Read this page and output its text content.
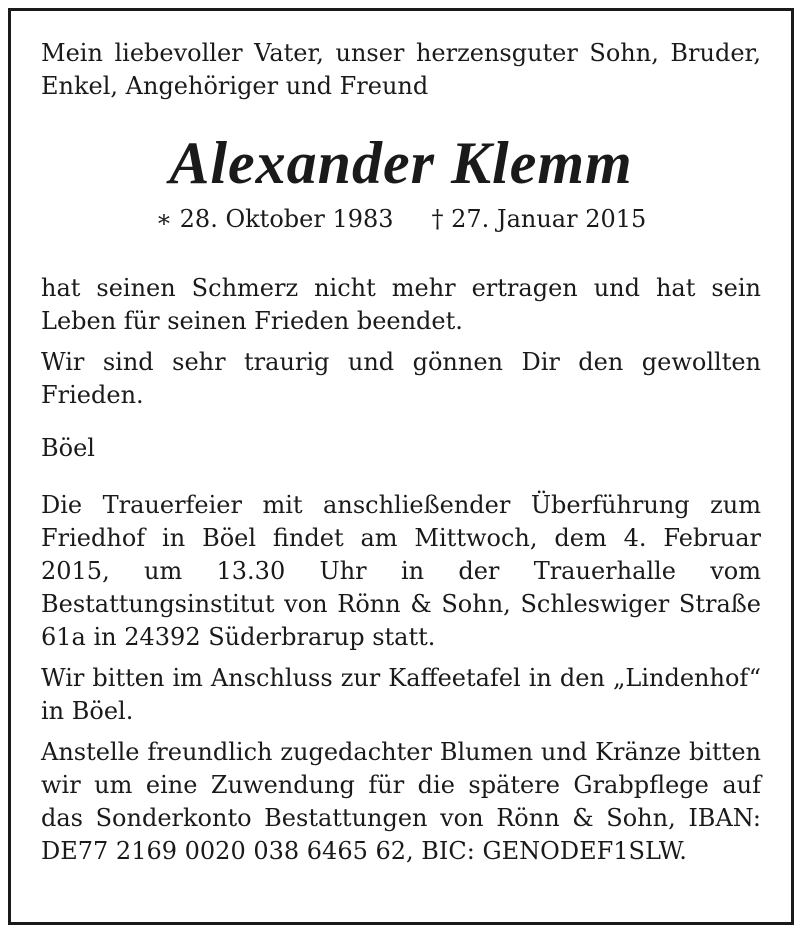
Mein liebevoller Vater, unser herzensguter Sohn, Bruder, Enkel, Angehöriger und Freund

Alexander Klemm
∗ 28. Oktober 1983 † 27. Januar 2015

hat seinen Schmerz nicht mehr ertragen und hat sein Leben für seinen Frieden beendet.

Wir sind sehr traurig und gönnen Dir den gewollten Frieden.

Böel

Die Trauerfeier mit anschließender Überführung zum Friedhof in Böel findet am Mittwoch, dem 4. Februar 2015, um 13.30 Uhr in der Trauerhalle vom Bestattungsinstitut von Rönn & Sohn, Schleswiger Straße 61a in 24392 Süderbrarup statt.

Wir bitten im Anschluss zur Kaffeetafel in den „Lindenhof“ in Böel.

Anstelle freundlich zugedachter Blumen und Kränze bitten wir um eine Zuwendung für die spätere Grabpflege auf das Sonderkonto Bestattungen von Rönn & Sohn, IBAN: DE77 2169 0020 038 6465 62, BIC: GENODEF1SLW.
